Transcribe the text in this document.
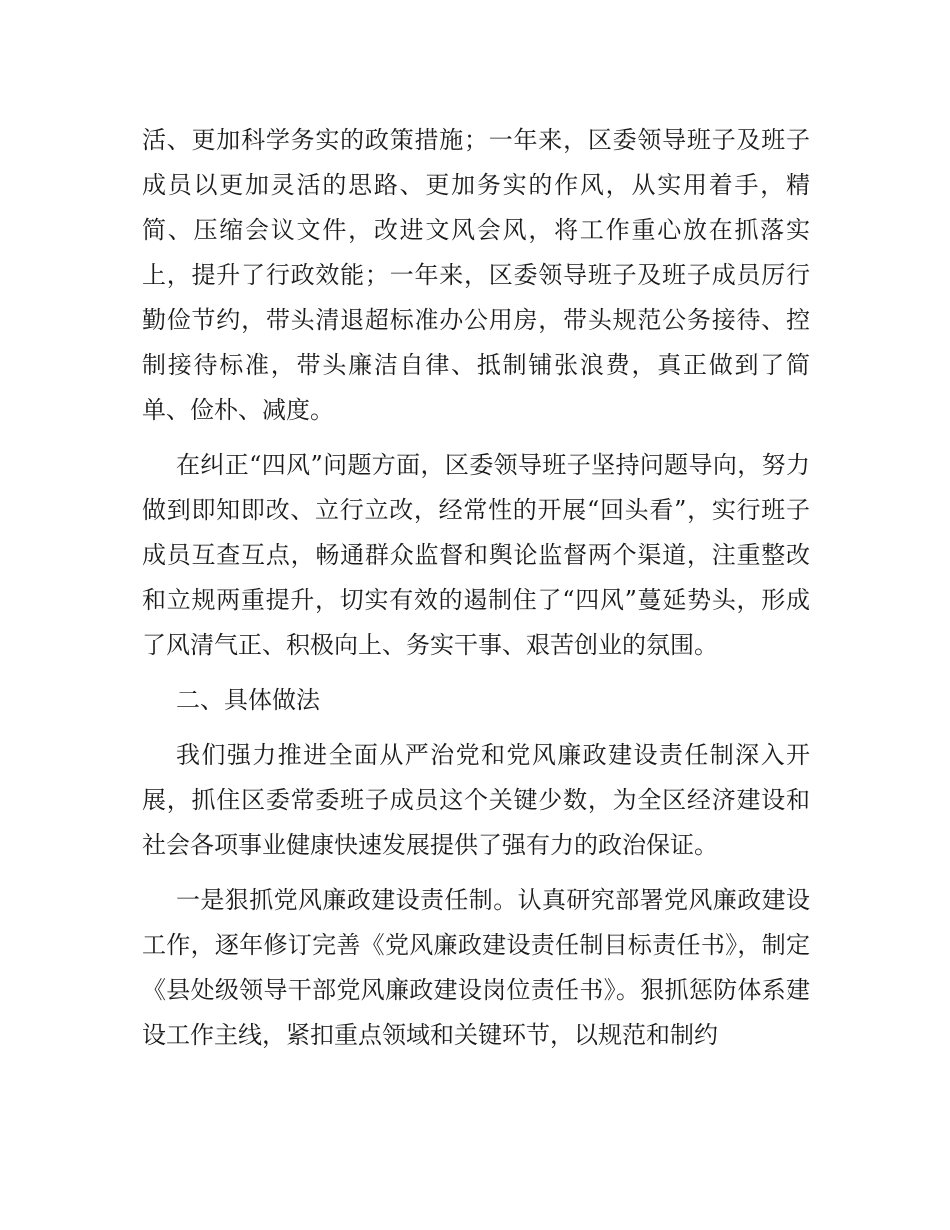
活、更加科学务实的政策措施；一年来，区委领导班子及班子成员以更加灵活的思路、更加务实的作风，从实用着手，精简、压缩会议文件，改进文风会风，将工作重心放在抓落实上，提升了行政效能；一年来，区委领导班子及班子成员厉行勤俭节约，带头清退超标准办公用房，带头规范公务接待、控制接待标准，带头廉洁自律、抵制铺张浪费，真正做到了简单、俭朴、减度。

在纠正“四风”问题方面，区委领导班子坚持问题导向，努力做到即知即改、立行立改，经常性的开展“回头看”，实行班子成员互查互点，畅通群众监督和舆论监督两个渠道，注重整改和立规两重提升，切实有效的遏制住了“四风”蔓延势头，形成了风清气正、积极向上、务实干事、艰苦创业的氛围。

二、具体做法

我们强力推进全面从严治党和党风廉政建设责任制深入开展，抓住区委常委班子成员这个关键少数，为全区经济建设和社会各项事业健康快速发展提供了强有力的政治保证。

一是狠抓党风廉政建设责任制。认真研究部署党风廉政建设工作，逐年修订完善《党风廉政建设责任制目标责任书》，制定《县处级领导干部党风廉政建设岗位责任书》。狠抓惩防体系建设工作主线，紧扣重点领域和关键环节，以规范和制约
